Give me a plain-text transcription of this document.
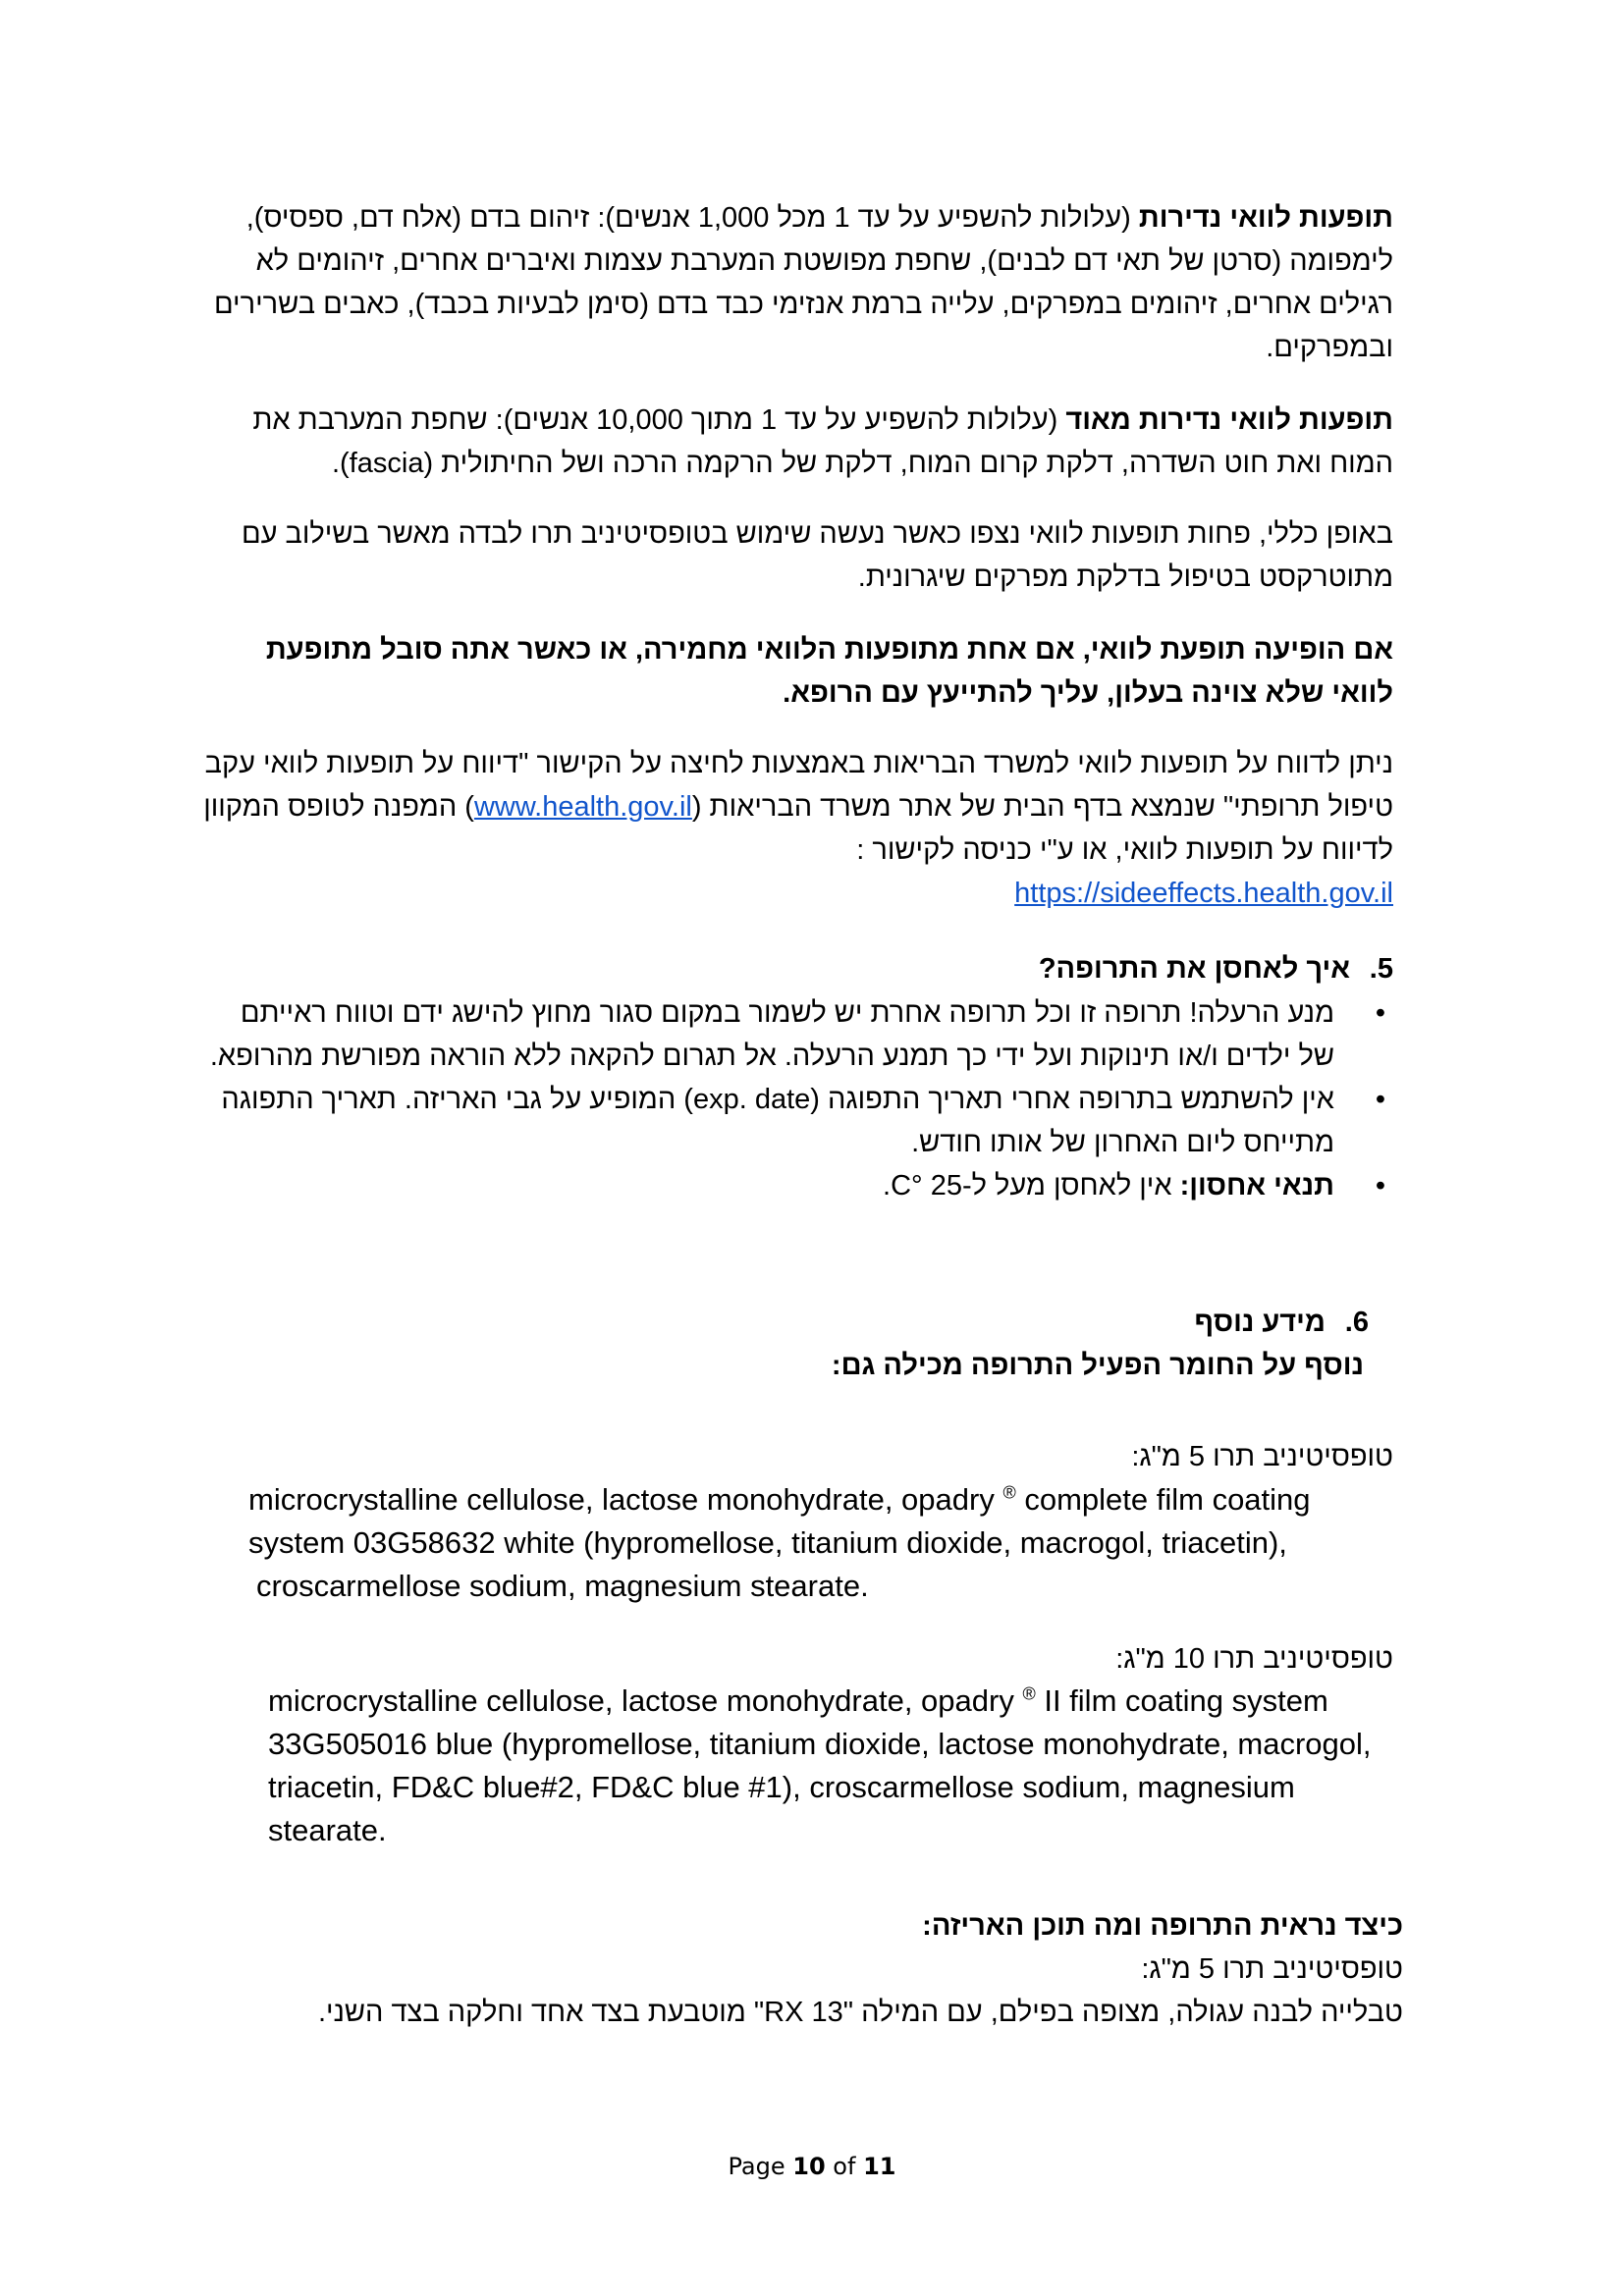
תופעות לוואי נדירות (עלולות להשפיע על עד 1 מכל 1,000 אנשים): זיהום בדם (אלח דם, ספסיס), לימפומה (סרטן של תאי דם לבנים), שחפת מפושטת המערבת עצמות ואיברים אחרים, זיהומים לא רגילים אחרים, זיהומים במפרקים, עלייה ברמת אנזימי כבד בדם (סימן לבעיות בכבד), כאבים בשרירים ובמפרקים.

תופעות לוואי נדירות מאוד (עלולות להשפיע על עד 1 מתוך 10,000 אנשים): שחפת המערבת את המוח ואת חוט השדרה, דלקת קרום המוח, דלקת של הרקמה הרכה ושל החיתולית (fascia).

באופן כללי, פחות תופעות לוואי נצפו כאשר נעשה שימוש בטופסיטיניב תרו לבדה מאשר בשילוב עם מתוטרקסט בטיפול בדלקת מפרקים שיגרונית.

אם הופיעה תופעת לוואי, אם אחת מתופעות הלוואי מחמירה, או כאשר אתה סובל מתופעת לוואי שלא צוינה בעלון, עליך להתייעץ עם הרופא.

ניתן לדווח על תופעות לוואי למשרד הבריאות באמצעות לחיצה על הקישור "דיווח על תופעות לוואי עקב טיפול תרופתי" שנמצא בדף הבית של אתר משרד הבריאות (www.health.gov.il) המפנה לטופס המקוון לדיווח על תופעות לוואי, או ע"י כניסה לקישור :
https://sideeffects.health.gov.il

5.איך לאחסן את התרופה?
• מנע הרעלה! תרופה זו וכל תרופה אחרת יש לשמור במקום סגור מחוץ להישג ידם וטווח ראייתם של ילדים ו/או תינוקות ועל ידי כך תמנע הרעלה. אל תגרום להקאה ללא הוראה מפורשת מהרופא.
• אין להשתמש בתרופה אחרי תאריך התפוגה (exp. date) המופיע על גבי האריזה. תאריך התפוגה מתייחס ליום האחרון של אותו חודש.
• תנאי אחסון: אין לאחסן מעל ל-25 °C.
6.מידע נוסף
נוסף על החומר הפעיל התרופה מכילה גם:
טופסיטיניב תרו 5 מ"ג:
microcrystalline cellulose, lactose monohydrate, opadry ® complete film coating
system 03G58632 white (hypromellose, titanium dioxide, macrogol, triacetin),
croscarmellose sodium, magnesium stearate.
טופסיטיניב תרו 10 מ"ג:
microcrystalline cellulose, lactose monohydrate, opadry ® II film coating system
33G505016 blue (hypromellose, titanium dioxide, lactose monohydrate, macrogol,
triacetin, FD&C blue#2, FD&C blue #1), croscarmellose sodium, magnesium
stearate.
כיצד נראית התרופה ומה תוכן האריזה:
טופסיטיניב תרו 5 מ"ג:
טבלייה לבנה עגולה, מצופה בפילם, עם המילה "RX 13" מוטבעת בצד אחד וחלקה בצד השני.
Page 10 of 11
